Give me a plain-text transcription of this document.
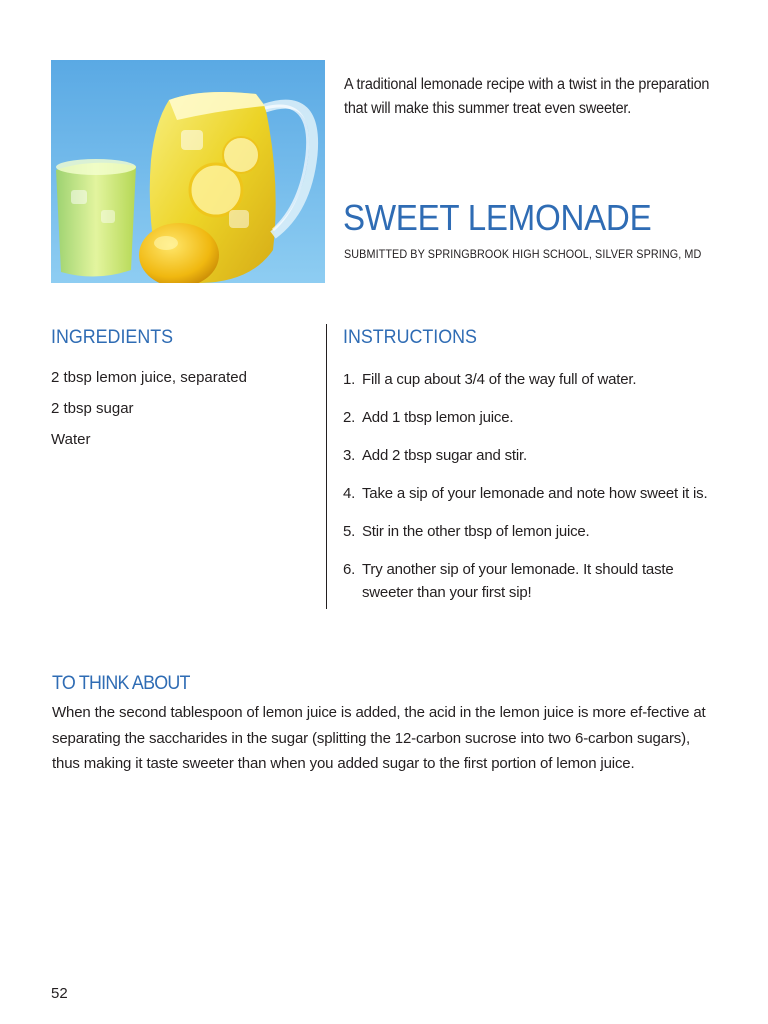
A traditional lemonade recipe with a twist in the preparation that will make this summer treat even sweeter.
SWEET LEMONADE
SUBMITTED BY SPRINGBROOK HIGH SCHOOL, SILVER SPRING, MD
INGREDIENTS	INSTRUCTIONS
2 tbsp lemon juice, separated
2 tbsp sugar
Water
1. Fill a cup about 3/4 of the way full of water.
2. Add 1 tbsp lemon juice.
3. Add 2 tbsp sugar and stir.
4. Take a sip of your lemonade and note how sweet it is.
5. Stir in the other tbsp of lemon juice.
6. Try another sip of your lemonade. It should taste sweeter than your first sip!
TO THINK ABOUT
When the second tablespoon of lemon juice is added, the acid in the lemon juice is more ef-fective at separating the saccharides in the sugar (splitting the 12-carbon sucrose into two 6-carbon sugars), thus making it taste sweeter than when you added sugar to the first portion of lemon juice.
52
